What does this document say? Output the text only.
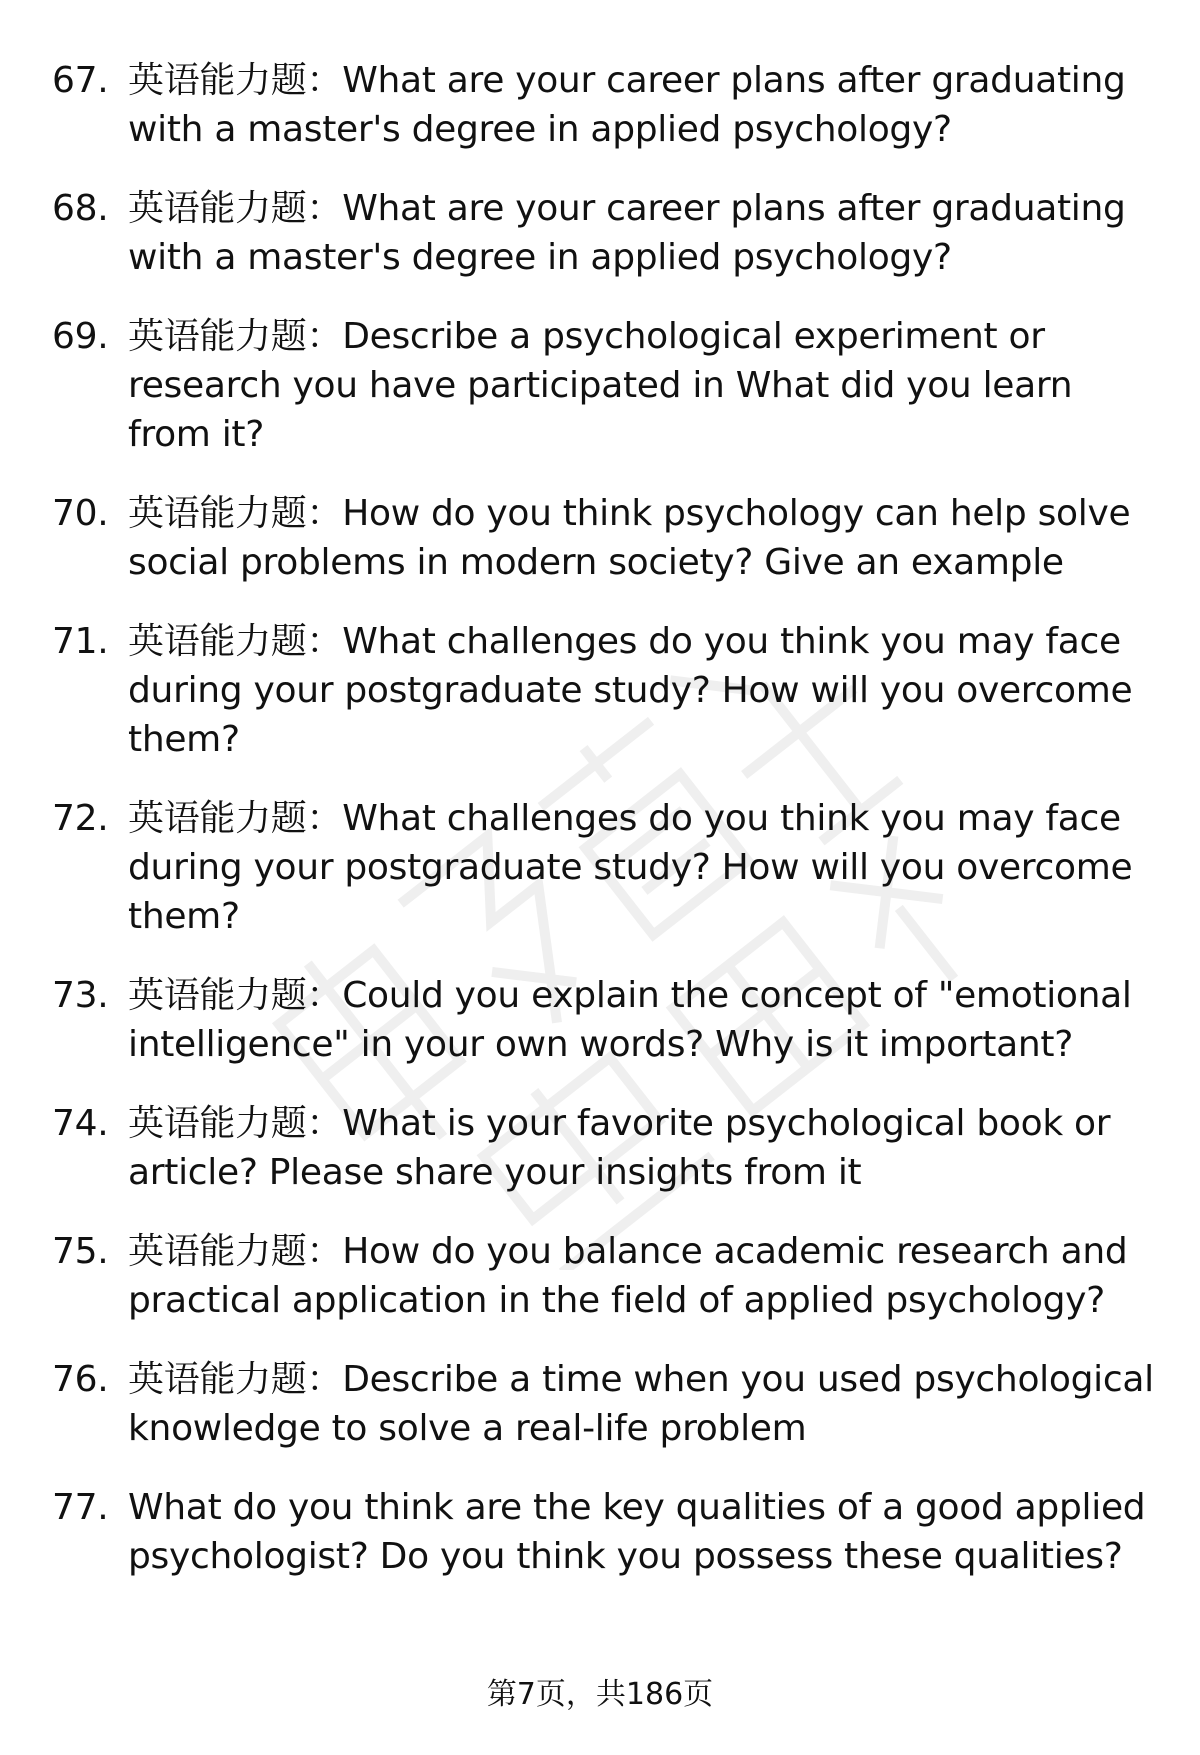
67. 英语能力题：What are your career plans after graduating with a master's degree in applied psychology?
68. 英语能力题：What are your career plans after graduating with a master's degree in applied psychology?
69. 英语能力题：Describe a psychological experiment or research you have participated in What did you learn from it?
70. 英语能力题：How do you think psychology can help solve social problems in modern society? Give an example
71. 英语能力题：What challenges do you think you may face during your postgraduate study? How will you overcome them?
72. 英语能力题：What challenges do you think you may face during your postgraduate study? How will you overcome them?
73. 英语能力题：Could you explain the concept of "emotional intelligence" in your own words? Why is it important?
74. 英语能力题：What is your favorite psychological book or article? Please share your insights from it
75. 英语能力题：How do you balance academic research and practical application in the field of applied psychology?
76. 英语能力题：Describe a time when you used psychological knowledge to solve a real-life problem
77. What do you think are the key qualities of a good applied psychologist? Do you think you possess these qualities?
第7页，共186页
